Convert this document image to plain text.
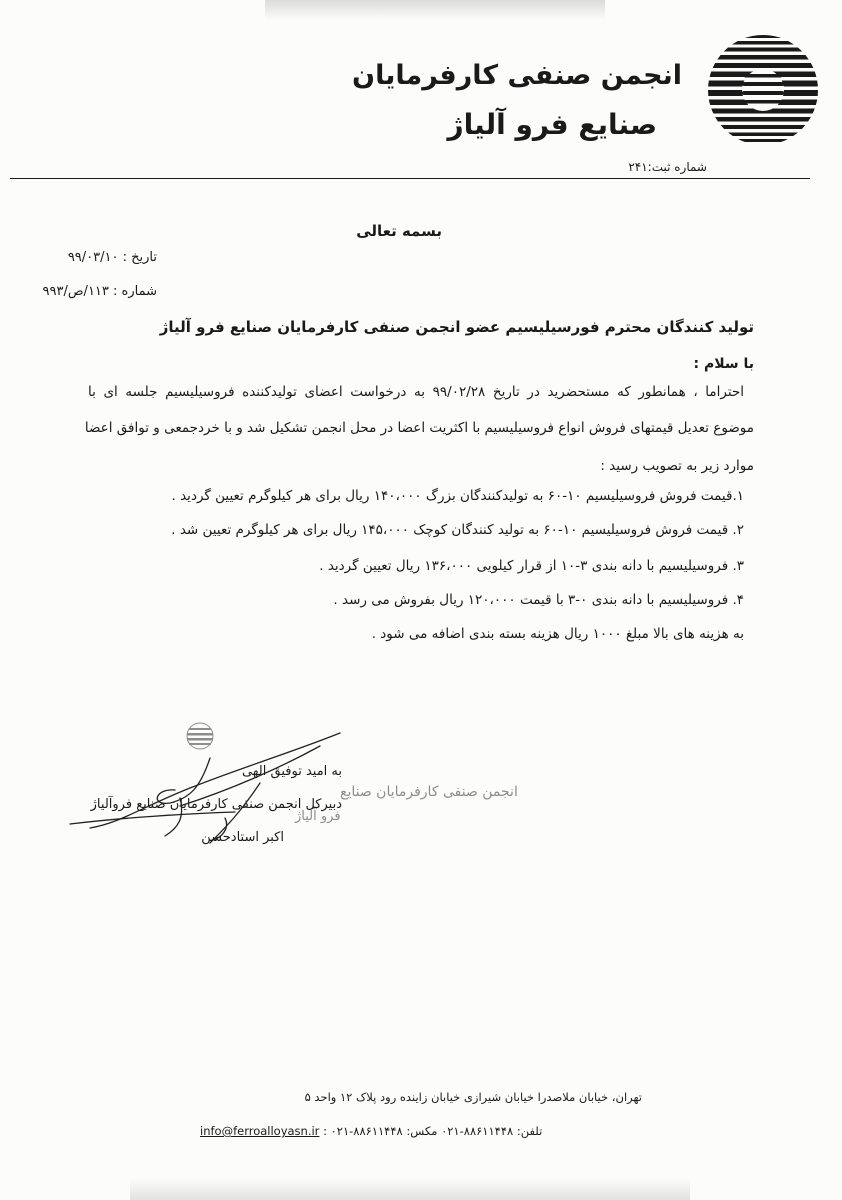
انجمن صنفی کارفرمایان
صنایع فرو آلیاژ
شماره ثبت:۲۴۱
بسمه تعالی
تاریخ : ۹۹/۰۳/۱۰
شماره : ۱۱۳/ص/۹۹۳
تولید کنندگان محترم فورسیلیسیم عضو انجمن صنفی کارفرمایان صنایع فرو آلیاژ
با سلام :
احتراما ، همانطور که مستحضرید در تاریخ ۹۹/۰۲/۲۸ به درخواست اعضای تولیدکننده فروسیلیسیم جلسه ای با
موضوع تعدیل قیمتهای فروش انواع فروسیلیسیم با اکثریت اعضا در محل انجمن تشکیل شد و با خردجمعی و توافق اعضا
موارد زیر به تصویب رسید :
۱.قیمت فروش فروسیلیسیم ۱۰-۶۰ به تولیدکنندگان بزرگ ۱۴۰،۰۰۰ ریال برای هر کیلوگرم تعیین گردید .
۲. قیمت فروش فروسیلیسیم ۱۰-۶۰ به تولید کنندگان کوچک ۱۴۵،۰۰۰ ریال برای هر کیلوگرم تعیین شد .
۳. فروسیلیسیم با دانه بندی ۳-۱۰ از قرار کیلویی ۱۳۶،۰۰۰ ریال تعیین گردید .
۴. فروسیلیسیم با دانه بندی ۰-۳ با قیمت ۱۲۰،۰۰۰ ریال بفروش می رسد .
به هزینه های بالا مبلغ ۱۰۰۰ ریال هزینه بسته بندی اضافه می شود .
انجمن صنفی کارفرمایان صنایع
فرو آلیاژ
به امید توفیق الهی
دبیرکل انجمن صنفی کارفرمایان صنایع فروآلیاژ
اکبر استادحسن
تهران، خیابان ملاصدرا خیابان شیرازی خیابان زاینده رود پلاک ۱۲ واحد ۵
info@ferroalloyasn.ir تلفن: ۸۸۶۱۱۴۴۸-۰۲۱ مکس: ۸۸۶۱۱۴۴۸-۰۲۱ :
